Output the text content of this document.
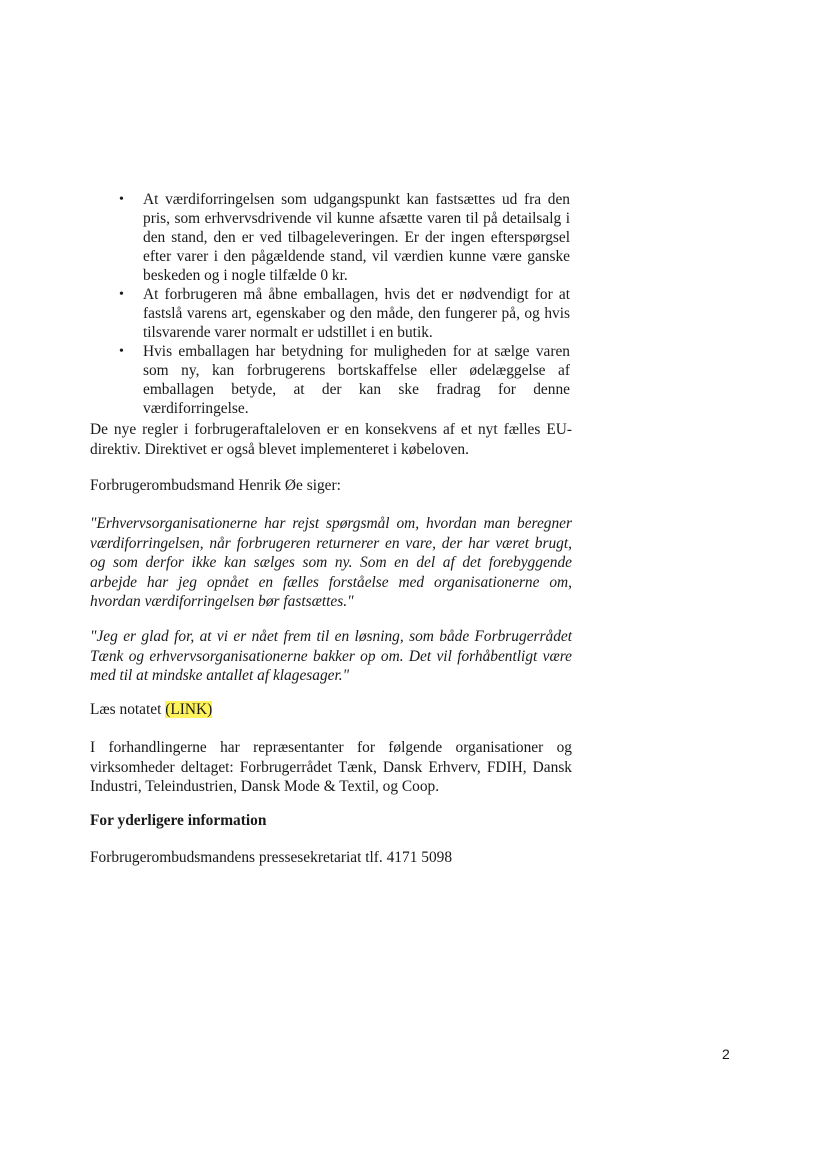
• At værdiforringelsen som udgangspunkt kan fastsættes ud fra den pris, som erhvervsdrivende vil kunne afsætte varen til på detailsalg i den stand, den er ved tilbageleveringen. Er der ingen efterspørgsel efter varer i den pågældende stand, vil værdien kunne være ganske beskeden og i nogle tilfælde 0 kr.
• At forbrugeren må åbne emballagen, hvis det er nødvendigt for at fastslå varens art, egenskaber og den måde, den fungerer på, og hvis tilsvarende varer normalt er udstillet i en butik.
• Hvis emballagen har betydning for muligheden for at sælge varen som ny, kan forbrugerens bortskaffelse eller ødelæggelse af emballagen betyde, at der kan ske fradrag for denne værdiforringelse.

De nye regler i forbrugeraftaleloven er en konsekvens af et nyt fælles EU-direktiv. Direktivet er også blevet implementeret i købeloven.

Forbrugerombudsmand Henrik Øe siger:

"Erhvervsorganisationerne har rejst spørgsmål om, hvordan man beregner værdiforringelsen, når forbrugeren returnerer en vare, der har været brugt, og som derfor ikke kan sælges som ny. Som en del af det forebyggende arbejde har jeg opnået en fælles forståelse med organisationerne om, hvordan værdiforringelsen bør fastsættes."

"Jeg er glad for, at vi er nået frem til en løsning, som både Forbrugerrådet Tænk og erhvervsorganisationerne bakker op om. Det vil forhåbentligt være med til at mindske antallet af klagesager."

Læs notatet (LINK)

I forhandlingerne har repræsentanter for følgende organisationer og virksomheder deltaget: Forbrugerrådet Tænk, Dansk Erhverv, FDIH, Dansk Industri, Teleindustrien, Dansk Mode & Textil, og Coop.

For yderligere information

Forbrugerombudsmandens pressesekretariat tlf. 4171 5098

2
